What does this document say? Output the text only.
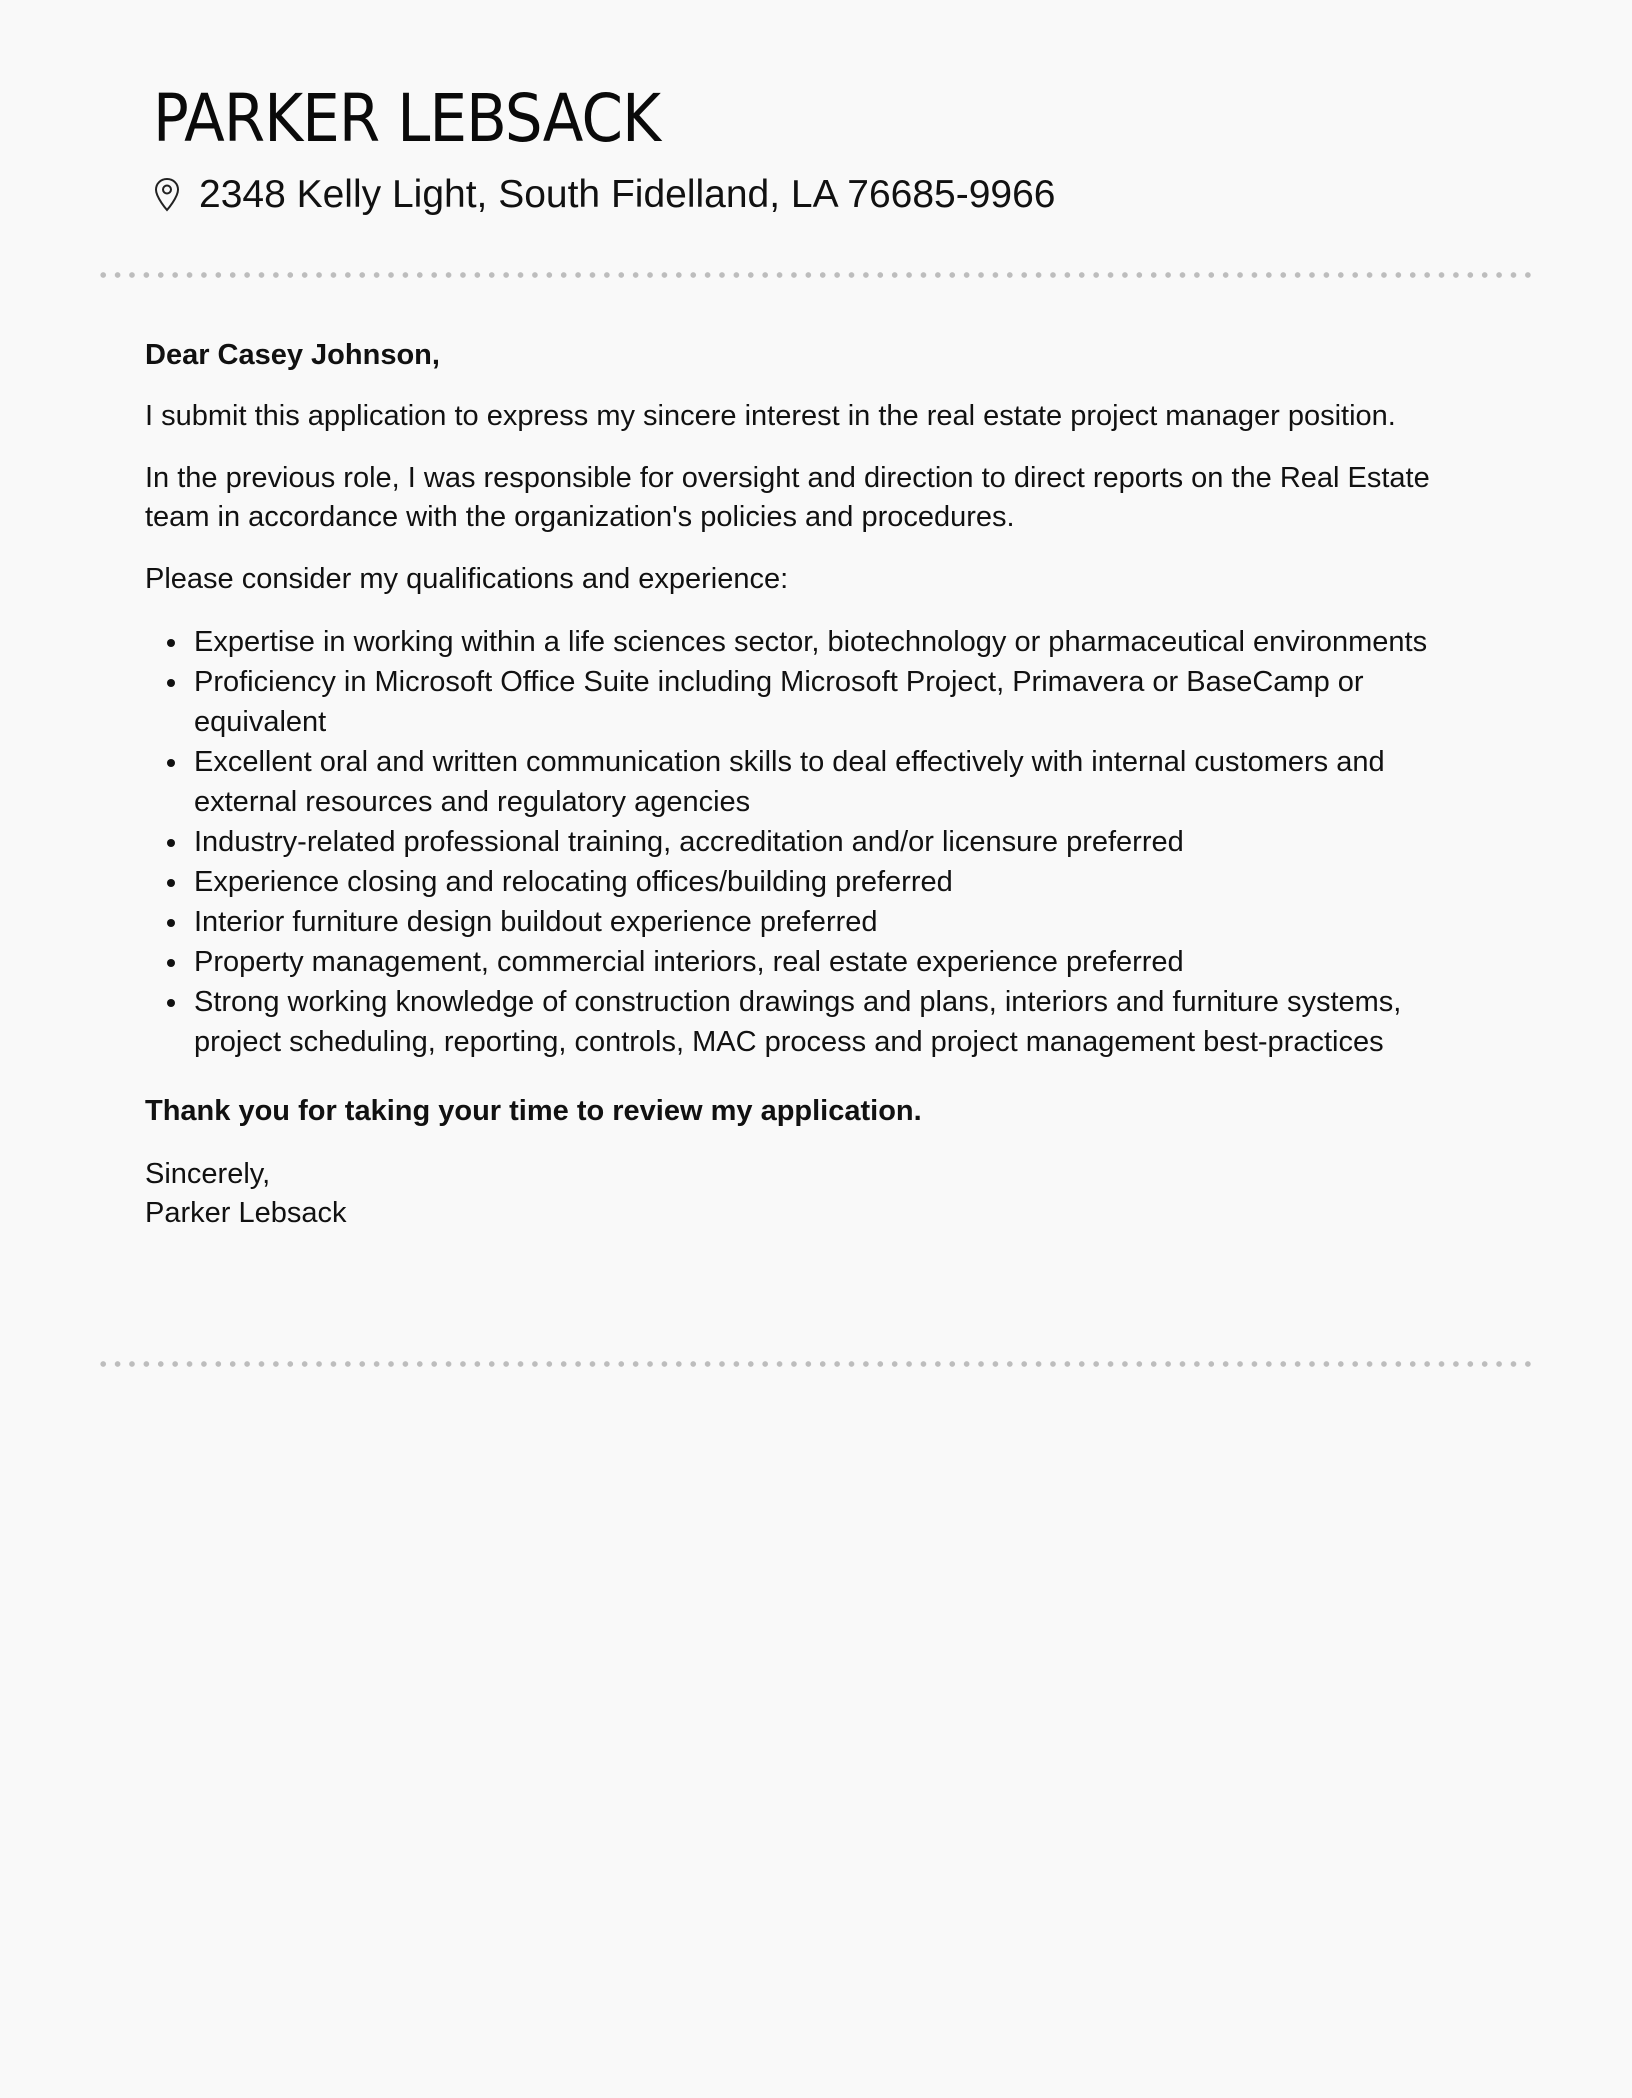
PARKER LEBSACK
2348 Kelly Light, South Fidelland, LA 76685-9966

Dear Casey Johnson,

I submit this application to express my sincere interest in the real estate project manager position.

In the previous role, I was responsible for oversight and direction to direct reports on the Real Estate team in accordance with the organization's policies and procedures.

Please consider my qualifications and experience:

Expertise in working within a life sciences sector, biotechnology or pharmaceutical environments
Proficiency in Microsoft Office Suite including Microsoft Project, Primavera or BaseCamp or equivalent
Excellent oral and written communication skills to deal effectively with internal customers and external resources and regulatory agencies
Industry-related professional training, accreditation and/or licensure preferred
Experience closing and relocating offices/building preferred
Interior furniture design buildout experience preferred
Property management, commercial interiors, real estate experience preferred
Strong working knowledge of construction drawings and plans, interiors and furniture systems, project scheduling, reporting, controls, MAC process and project management best-practices

Thank you for taking your time to review my application.

Sincerely,

Parker Lebsack
